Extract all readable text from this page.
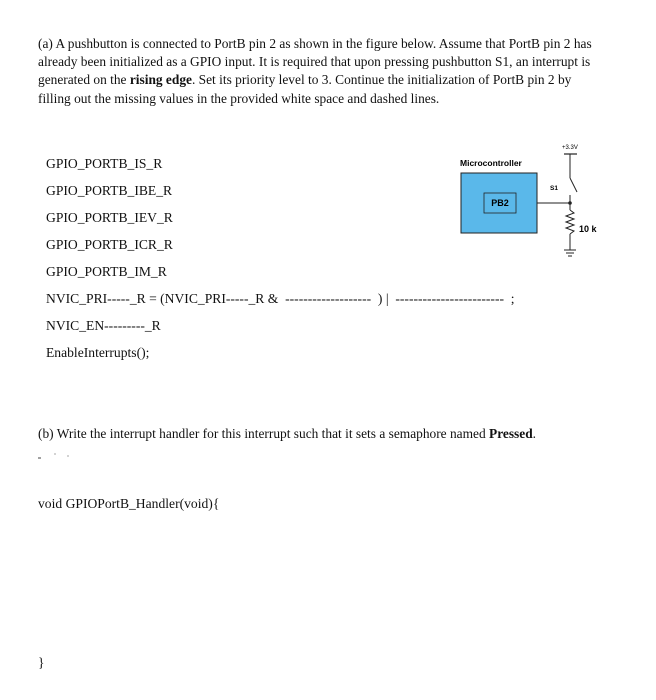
(a) A pushbutton is connected to PortB pin 2 as shown in the figure below. Assume that PortB pin 2 has already been initialized as a GPIO input. It is required that upon pressing pushbutton S1, an interrupt is generated on the rising edge. Set its priority level to 3. Continue the initialization of PortB pin 2 by filling out the missing values in the provided white space and dashed lines.
GPIO_PORTB_IS_R
GPIO_PORTB_IBE_R
GPIO_PORTB_IEV_R
GPIO_PORTB_ICR_R
GPIO_PORTB_IM_R
NVIC_PRI-----_R = (NVIC_PRI-----_R &  -------------------  ) |  ------------------------  ;
NVIC_EN---------_R
EnableInterrupts();
Microcontroller
PB2
+3.3V
S1
10 k
(b) Write the interrupt handler for this interrupt such that it sets a semaphore named Pressed.
void GPIOPortB_Handler(void){
}
